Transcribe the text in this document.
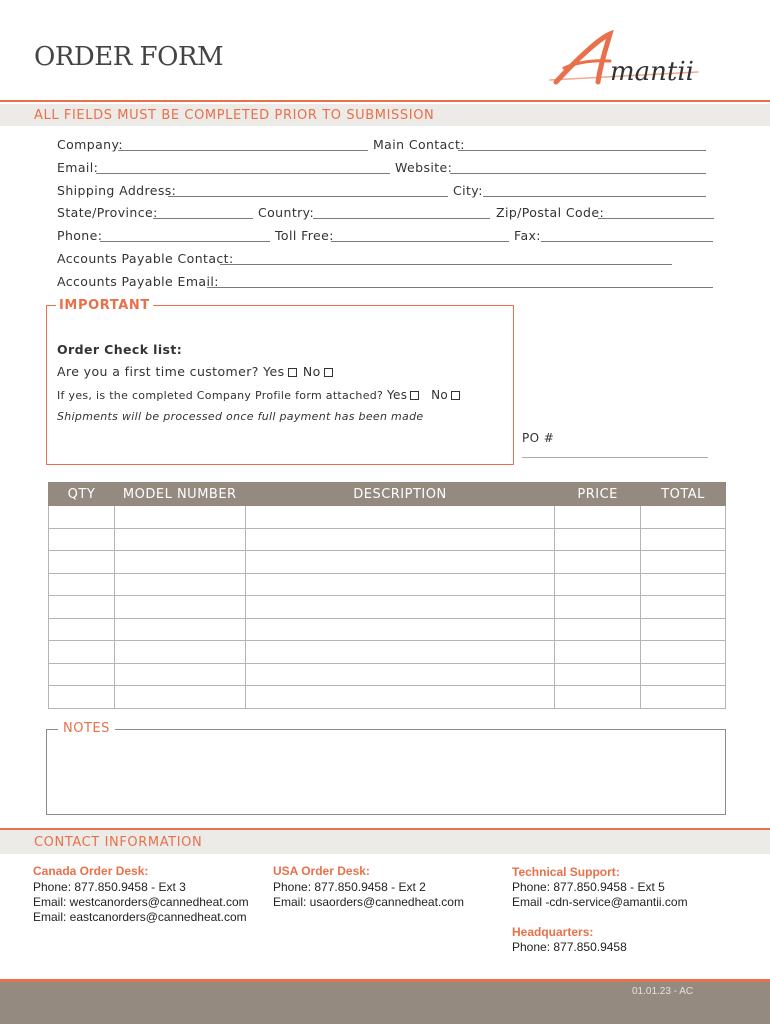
ORDER FORM	mantii
ALL FIELDS MUST BE COMPLETED PRIOR TO SUBMISSION
Company:	Main Contact:
Email:	Website:
Shipping Address:	City:
State/Province:	Country:	Zip/Postal Code:
Phone:	Toll Free:	Fax:
Accounts Payable Contact:
Accounts Payable Email:
IMPORTANT
Order Check list:
Are you a first time customer? Yes No
If yes, is the completed Company Profile form attached? Yes No
Shipments will be processed once full payment has been made
PO #
QTY	MODEL NUMBER	DESCRIPTION	PRICE	TOTAL

NOTES
CONTACT INFORMATION
Canada Order Desk:
Phone: 877.850.9458 - Ext 3
Email: westcanorders@cannedheat.com
Email: eastcanorders@cannedheat.com
USA Order Desk:
Phone: 877.850.9458 - Ext 2
Email: usaorders@cannedheat.com
Technical Support:
Phone: 877.850.9458 - Ext 5
Email -cdn-service@amantii.com
Headquarters:
Phone: 877.850.9458
01.01.23 - AC
